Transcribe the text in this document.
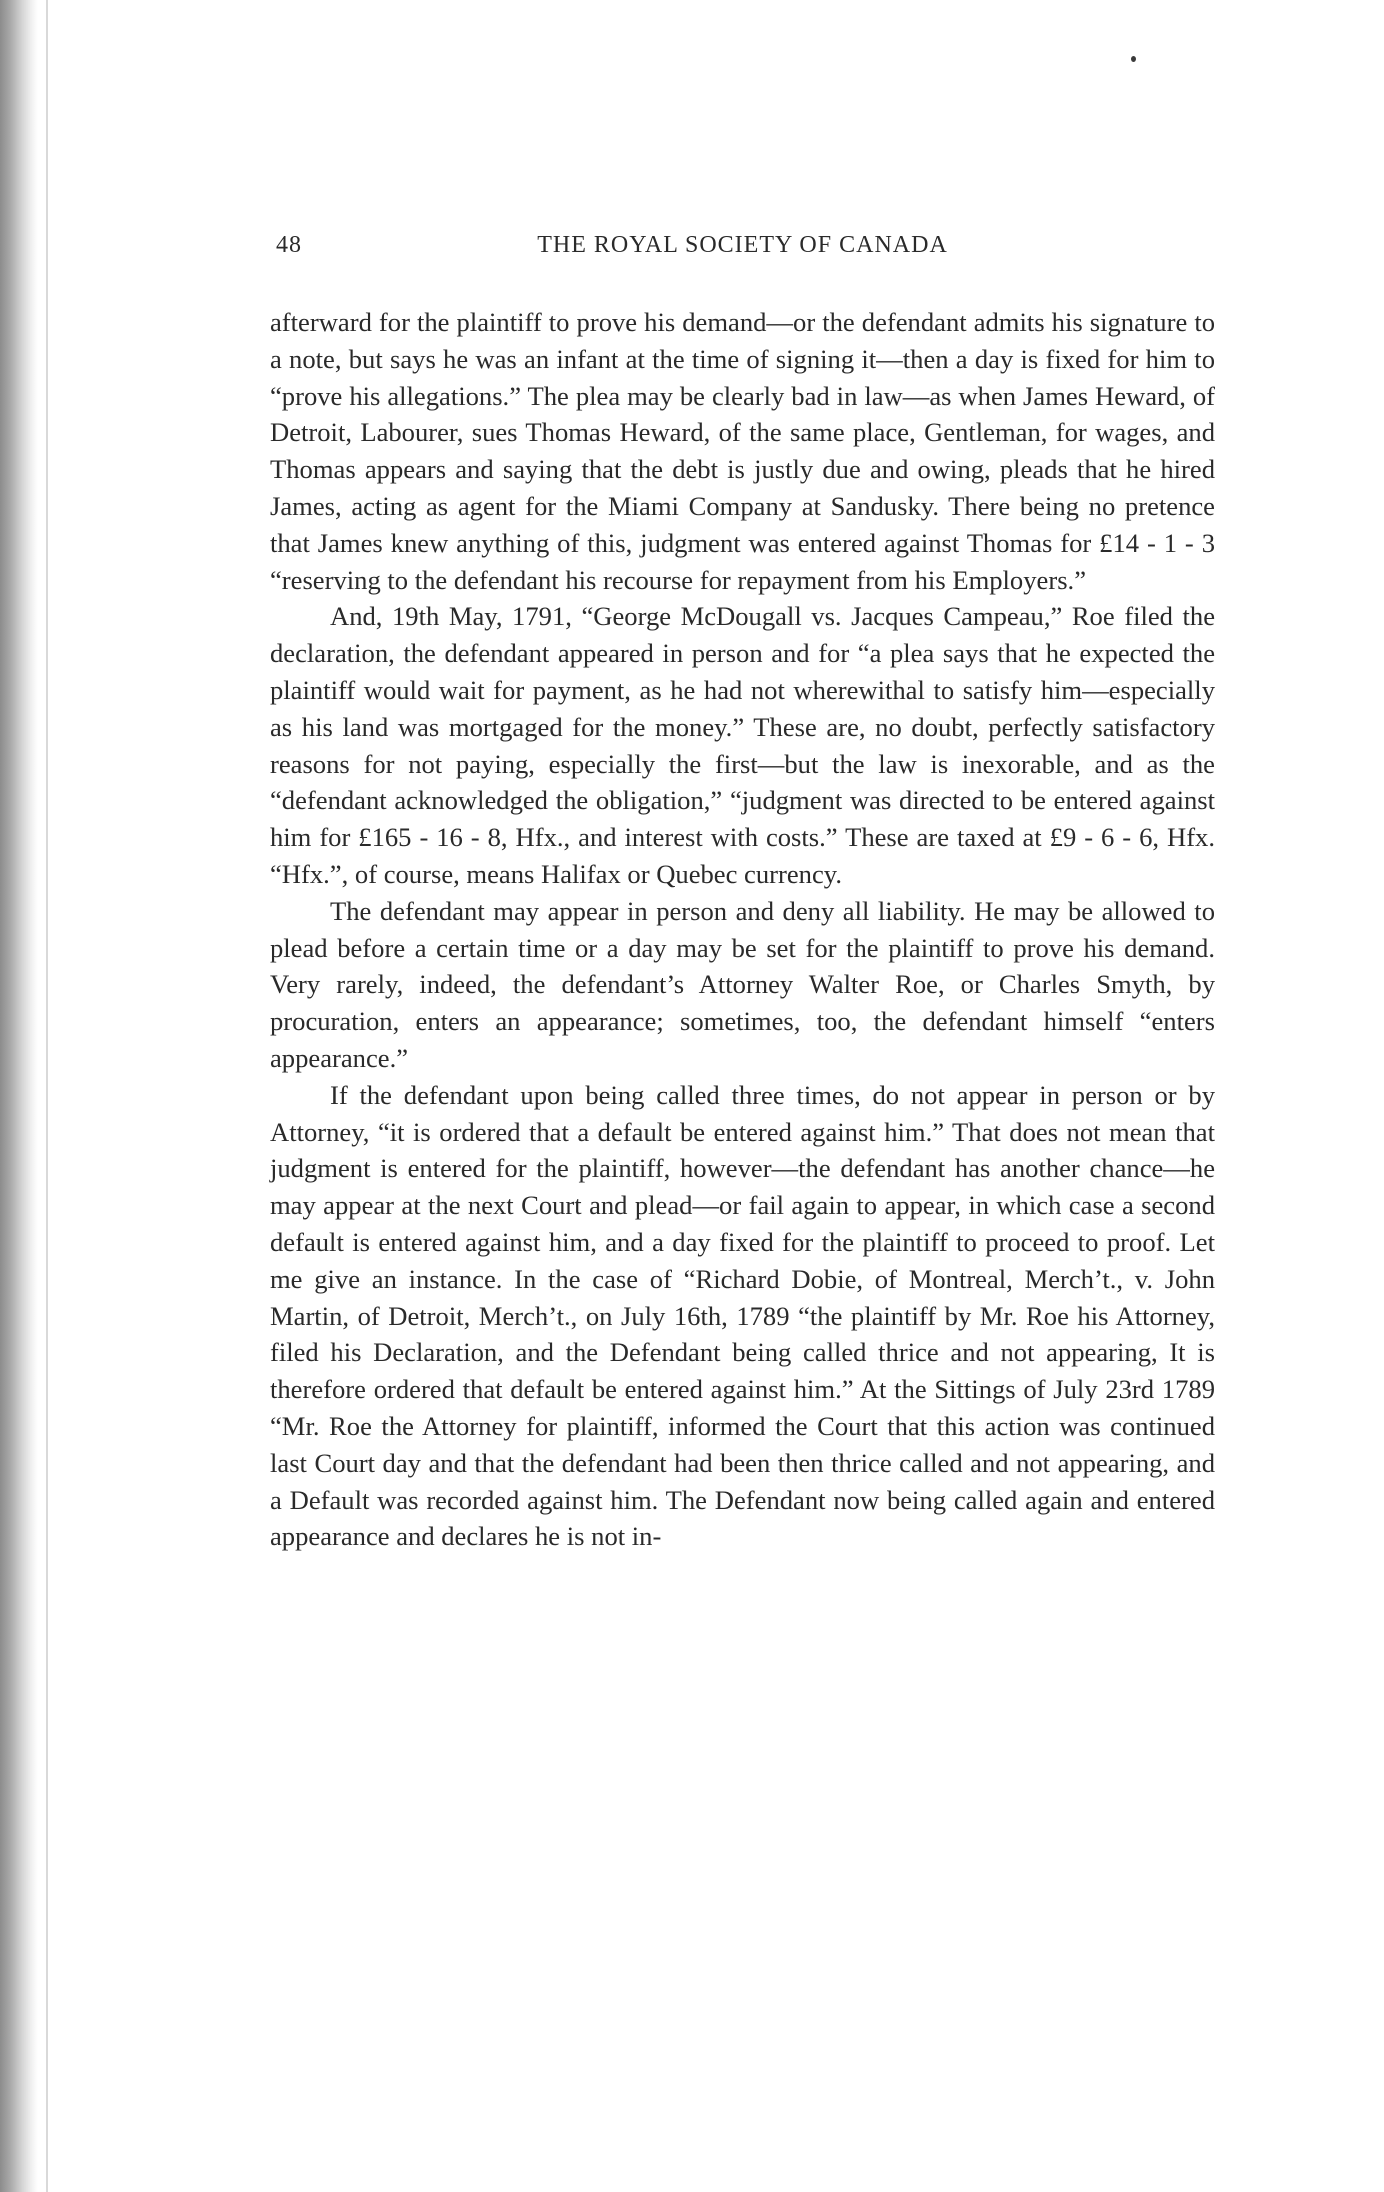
48	THE ROYAL SOCIETY OF CANADA

afterward for the plaintiff to prove his demand—or the defendant admits his signature to a note, but says he was an infant at the time of signing it—then a day is fixed for him to “prove his allegations.” The plea may be clearly bad in law—as when James Heward, of Detroit, Labourer, sues Thomas Heward, of the same place, Gentleman, for wages, and Thomas appears and saying that the debt is justly due and owing, pleads that he hired James, acting as agent for the Miami Company at Sandusky. There being no pretence that James knew anything of this, judgment was entered against Thomas for £14 - 1 - 3 “reserving to the defendant his recourse for repayment from his Employers.”

And, 19th May, 1791, “George McDougall vs. Jacques Campeau,” Roe filed the declaration, the defendant appeared in person and for “a plea says that he expected the plaintiff would wait for payment, as he had not wherewithal to satisfy him—especially as his land was mortgaged for the money.” These are, no doubt, perfectly satisfactory reasons for not paying, especially the first—but the law is inexorable, and as the “defendant acknowledged the obligation,” “judgment was directed to be entered against him for £165 - 16 - 8, Hfx., and interest with costs.” These are taxed at £9 - 6 - 6, Hfx. “Hfx.”, of course, means Halifax or Quebec currency.

The defendant may appear in person and deny all liability. He may be allowed to plead before a certain time or a day may be set for the plaintiff to prove his demand. Very rarely, indeed, the defendant’s Attorney Walter Roe, or Charles Smyth, by procuration, enters an appearance; sometimes, too, the defendant himself “enters appearance.”

If the defendant upon being called three times, do not appear in person or by Attorney, “it is ordered that a default be entered against him.” That does not mean that judgment is entered for the plaintiff, however—the defendant has another chance—he may appear at the next Court and plead—or fail again to appear, in which case a second default is entered against him, and a day fixed for the plaintiff to proceed to proof. Let me give an instance. In the case of “Richard Dobie, of Montreal, Merch’t., v. John Martin, of Detroit, Merch’t., on July 16th, 1789 “the plaintiff by Mr. Roe his Attorney, filed his Declaration, and the Defendant being called thrice and not appearing, It is therefore ordered that default be entered against him.” At the Sittings of July 23rd 1789 “Mr. Roe the Attorney for plaintiff, informed the Court that this action was continued last Court day and that the defendant had been then thrice called and not appearing, and a Default was recorded against him. The Defendant now being called again and entered appearance and declares he is not in-
